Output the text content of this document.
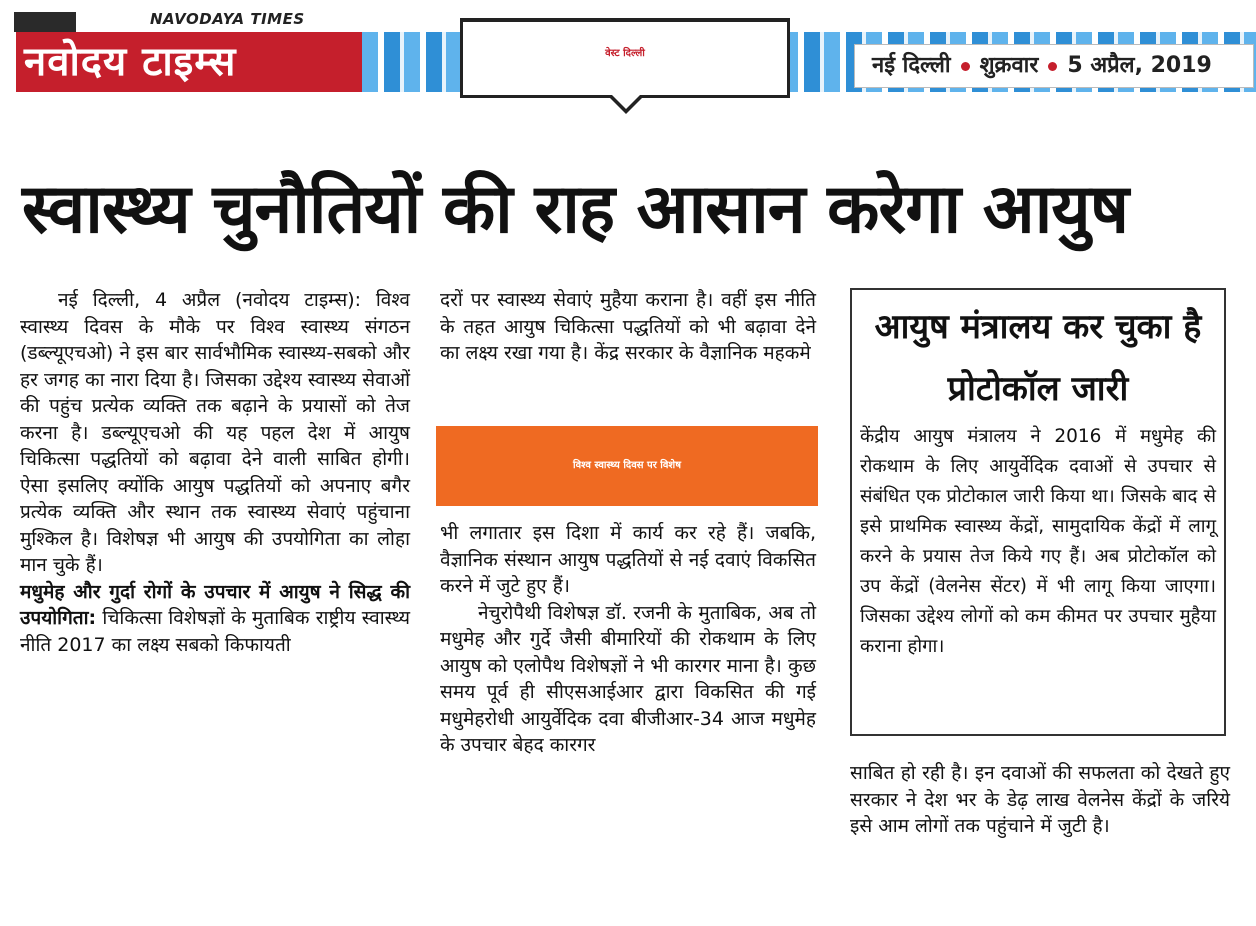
NAVODAYA TIMES
नवोदय टाइम्स	वेस्ट दिल्ली	नई दिल्ली शुक्रवार 5 अप्रैल, 2019
स्वास्थ्य चुनौतियों की राह आसान करेगा आयुष

नई दिल्ली, 4 अप्रैल (नवोदय टाइम्स): विश्व स्वास्थ्य दिवस के मौके पर विश्व स्वास्थ्य संगठन (डब्ल्यूएचओ) ने इस बार सार्वभौमिक स्वास्थ्य-सबको और हर जगह का नारा दिया है। जिसका उद्देश्य स्वास्थ्य सेवाओं की पहुंच प्रत्येक व्यक्ति तक बढ़ाने के प्रयासों को तेज करना है। डब्ल्यूएचओ की यह पहल देश में आयुष चिकित्सा पद्धतियों को बढ़ावा देने वाली साबित होगी। ऐसा इसलिए क्योंकि आयुष पद्धतियों को अपनाए बगैर प्रत्येक व्यक्ति और स्थान तक स्वास्थ्य सेवाएं पहुंचाना मुश्किल है। विशेषज्ञ भी आयुष की उपयोगिता का लोहा मान चुके हैं।

मधुमेह और गुर्दा रोगों के उपचार में आयुष ने सिद्ध की उपयोगिता: चिकित्सा विशेषज्ञों के मुताबिक राष्ट्रीय स्वास्थ्य नीति 2017 का लक्ष्य सबको किफायती

दरों पर स्वास्थ्य सेवाएं मुहैया कराना है। वहीं इस नीति के तहत आयुष चिकित्सा पद्धतियों को भी बढ़ावा देने का लक्ष्य रखा गया है। केंद्र सरकार के वैज्ञानिक महकमे

विश्व स्वास्थ्य दिवस पर विशेष

भी लगातार इस दिशा में कार्य कर रहे हैं। जबकि, वैज्ञानिक संस्थान आयुष पद्धतियों से नई दवाएं विकसित करने में जुटे हुए हैं।

नेचुरोपैथी विशेषज्ञ डॉ. रजनी के मुताबिक, अब तो मधुमेह और गुर्दे जैसी बीमारियों की रोकथाम के लिए आयुष को एलोपैथ विशेषज्ञों ने भी कारगर माना है। कुछ समय पूर्व ही सीएसआईआर द्वारा विकसित की गई मधुमेहरोधी आयुर्वेदिक दवा बीजीआर-34 आज मधुमेह के उपचार बेहद कारगर

आयुष मंत्रालय कर चुका है प्रोटोकॉल जारी
केंद्रीय आयुष मंत्रालय ने 2016 में मधुमेह की रोकथाम के लिए आयुर्वेदिक दवाओं से उपचार से संबंधित एक प्रोटोकाल जारी किया था। जिसके बाद से इसे प्राथमिक स्वास्थ्य केंद्रों, सामुदायिक केंद्रों में लागू करने के प्रयास तेज किये गए हैं। अब प्रोटोकॉल को उप केंद्रों (वेलनेस सेंटर) में भी लागू किया जाएगा। जिसका उद्देश्य लोगों को कम कीमत पर उपचार मुहैया कराना होगा।

साबित हो रही है। इन दवाओं की सफलता को देखते हुए सरकार ने देश भर के डेढ़ लाख वेलनेस केंद्रों के जरिये इसे आम लोगों तक पहुंचाने में जुटी है।
